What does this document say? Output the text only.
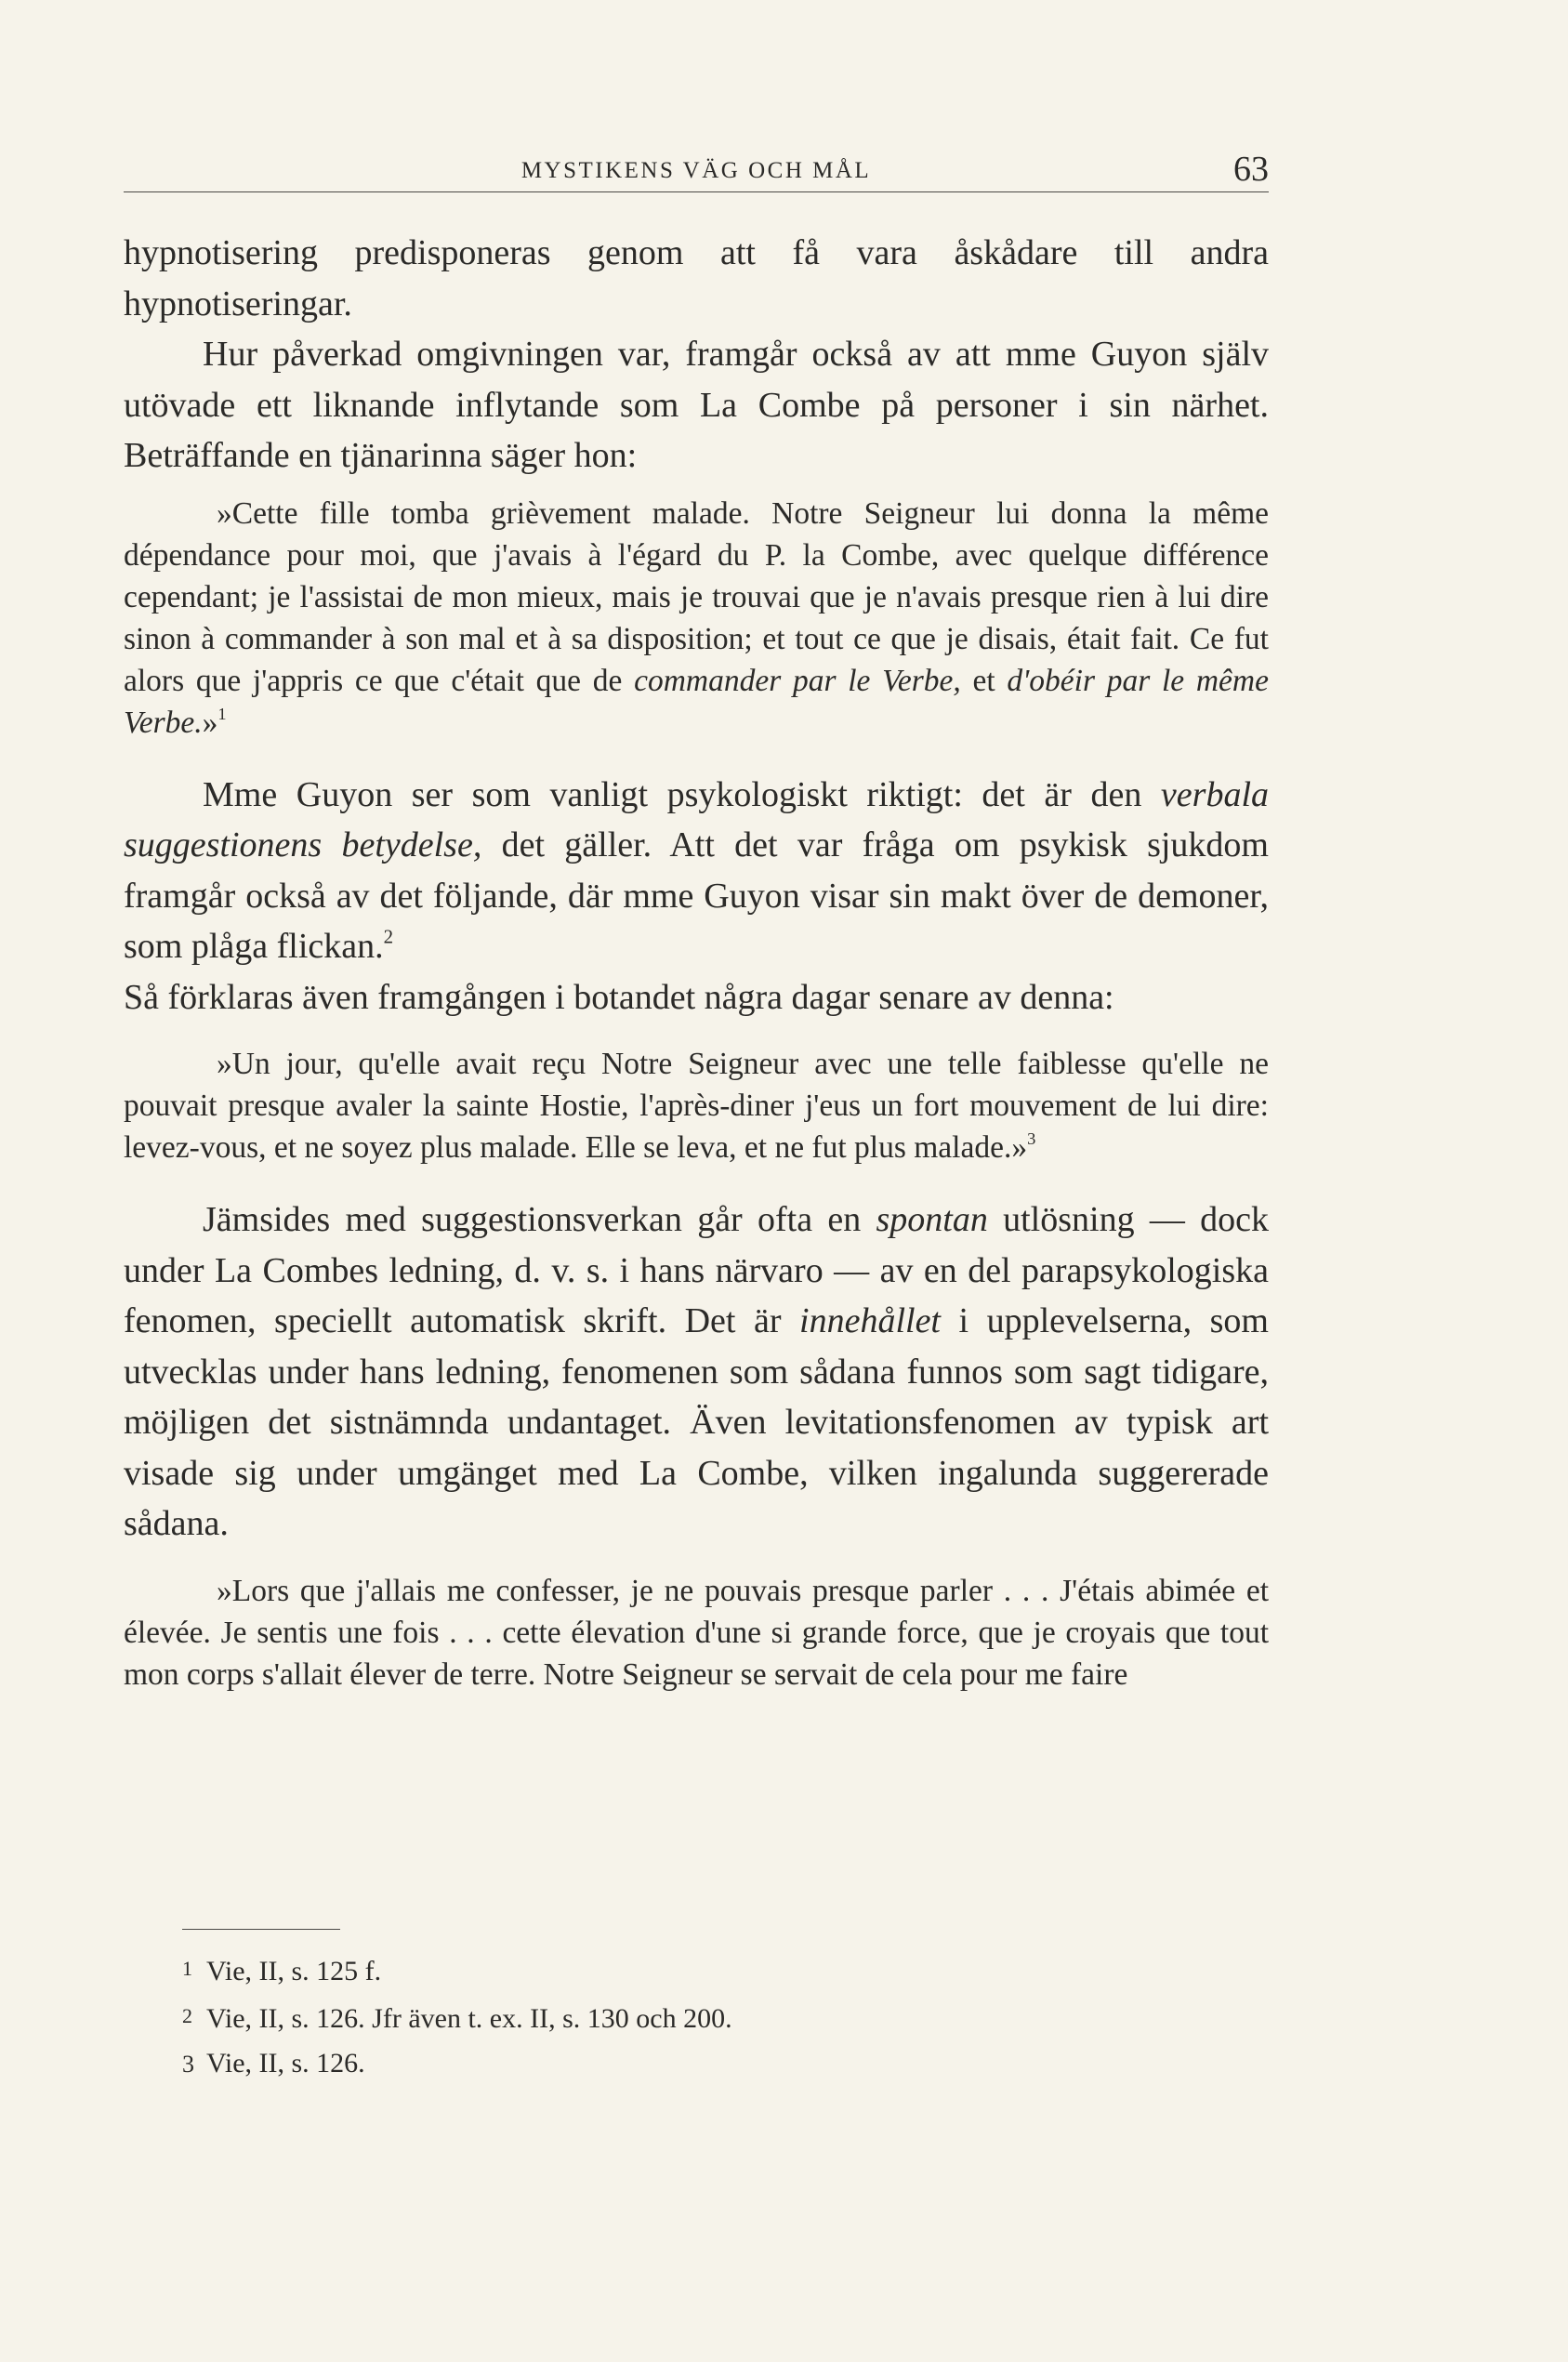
MYSTIKENS VÄG OCH MÅL	63

hypnotisering predisponeras genom att få vara åskådare till andra hypnotiseringar.

Hur påverkad omgivningen var, framgår också av att mme Guyon själv utövade ett liknande inflytande som La Combe på personer i sin närhet. Beträffande en tjänarinna säger hon:

»Cette fille tomba grièvement malade. Notre Seigneur lui donna la même dépendance pour moi, que j'avais à l'égard du P. la Combe, avec quelque différence cependant; je l'assistai de mon mieux, mais je trouvai que je n'avais presque rien à lui dire sinon à commander à son mal et à sa disposition; et tout ce que je disais, était fait. Ce fut alors que j'appris ce que c'était que de commander par le Verbe, et d'obéir par le même Verbe.»$^1$

Mme Guyon ser som vanligt psykologiskt riktigt: det är den verbala suggestionens betydelse, det gäller. Att det var fråga om psykisk sjukdom framgår också av det följande, där mme Guyon visar sin makt över de demoner, som plåga flickan.$^2$

Så förklaras även framgången i botandet några dagar senare av denna:

»Un jour, qu'elle avait reçu Notre Seigneur avec une telle faiblesse qu'elle ne pouvait presque avaler la sainte Hostie, l'après-diner j'eus un fort mouvement de lui dire: levez-vous, et ne soyez plus malade. Elle se leva, et ne fut plus malade.»$^3$

Jämsides med suggestionsverkan går ofta en spontan utlösning — dock under La Combes ledning, d. v. s. i hans närvaro — av en del parapsykologiska fenomen, speciellt automatisk skrift. Det är innehållet i upplevelserna, som utvecklas under hans ledning, fenomenen som sådana funnos som sagt tidigare, möjligen det sistnämnda undantaget. Även levitationsfenomen av typisk art visade sig under umgänget med La Combe, vilken ingalunda suggererade sådana.

»Lors que j'allais me confesser, je ne pouvais presque parler . . . J'étais abimée et élevée. Je sentis une fois . . . cette élevation d'une si grande force, que je croyais que tout mon corps s'allait élever de terre. Notre Seigneur se servait de cela pour me faire

1 Vie, II, s. 125 f.

2 Vie, II, s. 126. Jfr även t. ex. II, s. 130 och 200.

3 Vie, II, s. 126.
